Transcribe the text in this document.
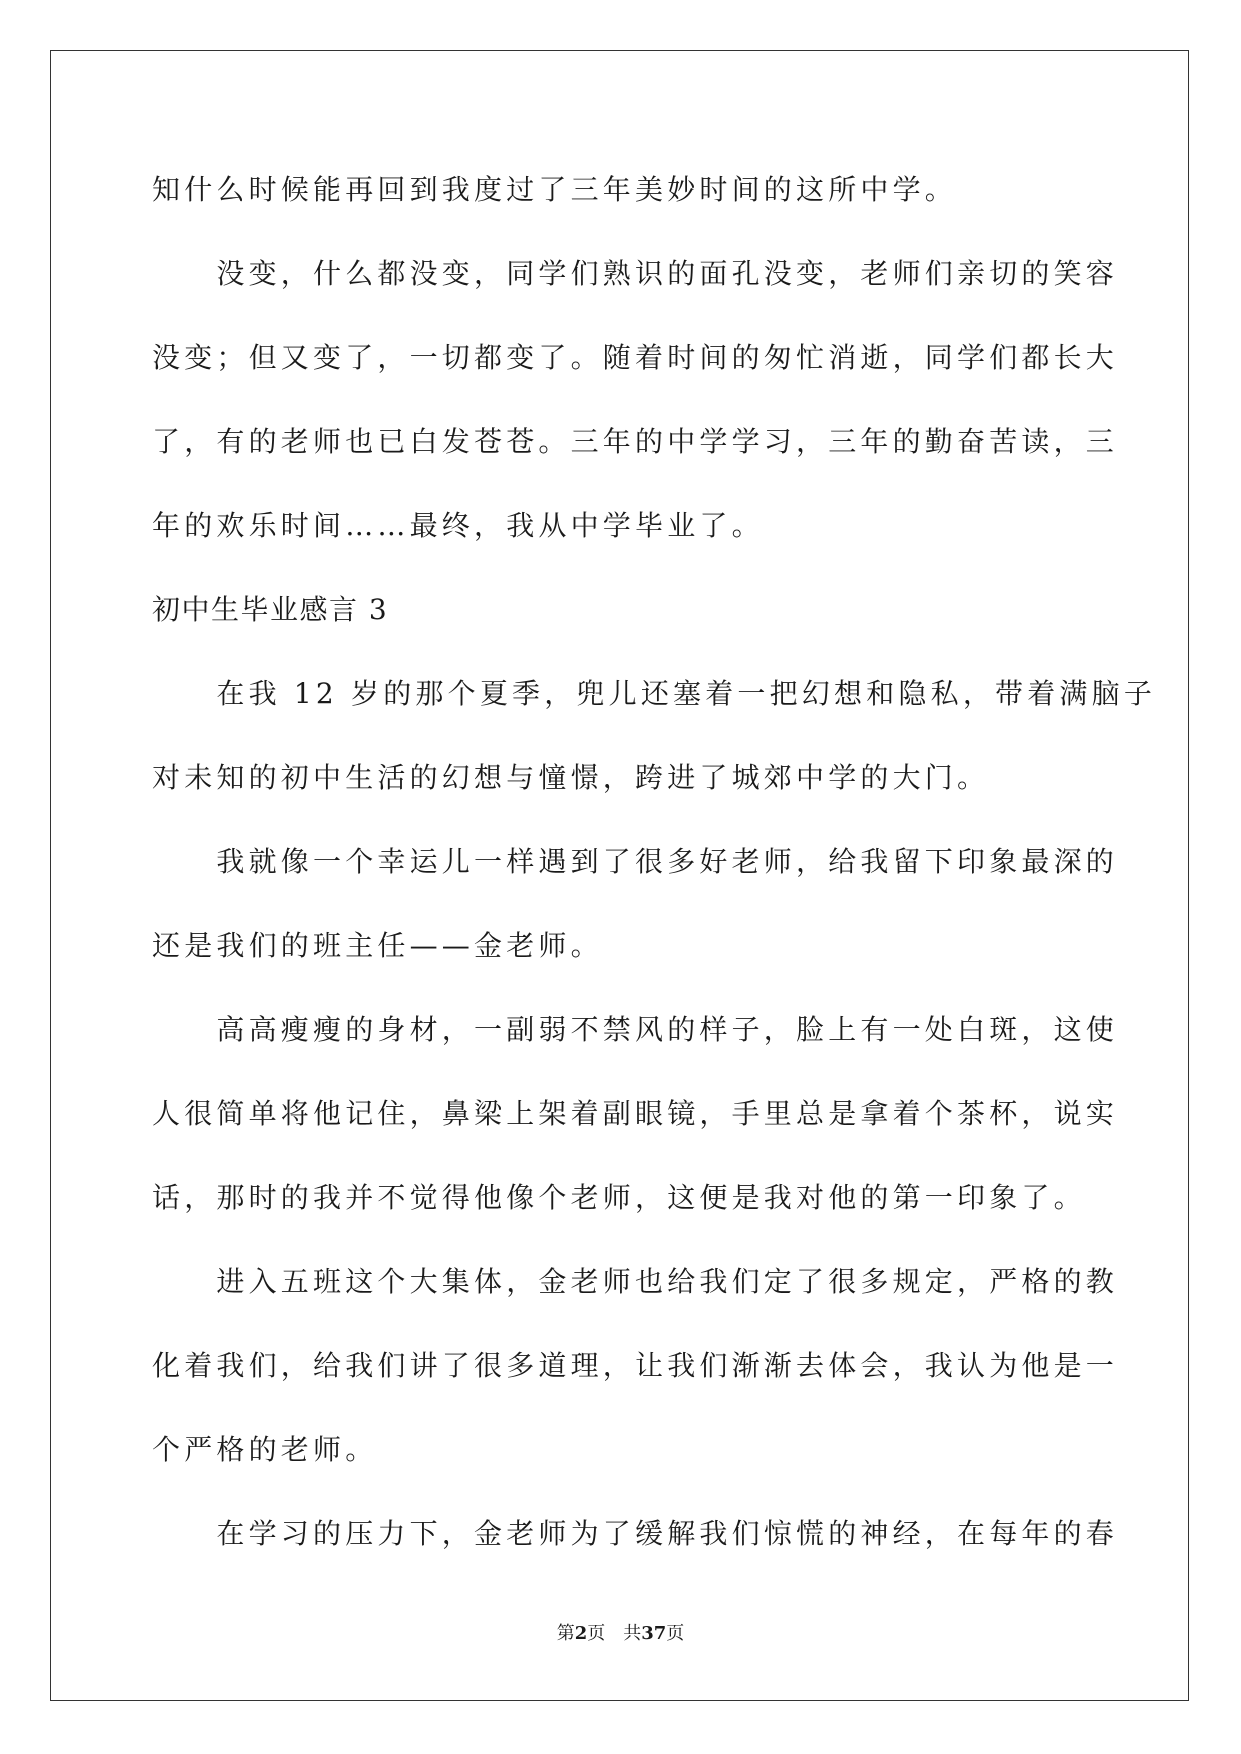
知什么时候能再回到我度过了三年美妙时间的这所中学。
　　没变，什么都没变，同学们熟识的面孔没变，老师们亲切的笑容
没变；但又变了，一切都变了。随着时间的匆忙消逝，同学们都长大
了，有的老师也已白发苍苍。三年的中学学习，三年的勤奋苦读，三
年的欢乐时间……最终，我从中学毕业了。
初中生毕业感言 3
　　在我 12 岁的那个夏季，兜儿还塞着一把幻想和隐私，带着满脑子
对未知的初中生活的幻想与憧憬，跨进了城郊中学的大门。
　　我就像一个幸运儿一样遇到了很多好老师，给我留下印象最深的
还是我们的班主任——金老师。
　　高高瘦瘦的身材，一副弱不禁风的样子，脸上有一处白斑，这使
人很简单将他记住，鼻梁上架着副眼镜，手里总是拿着个茶杯，说实
话，那时的我并不觉得他像个老师，这便是我对他的第一印象了。
　　进入五班这个大集体，金老师也给我们定了很多规定，严格的教
化着我们，给我们讲了很多道理，让我们渐渐去体会，我认为他是一
个严格的老师。
　　在学习的压力下，金老师为了缓解我们惊慌的神经，在每年的春
第2页　共37页
